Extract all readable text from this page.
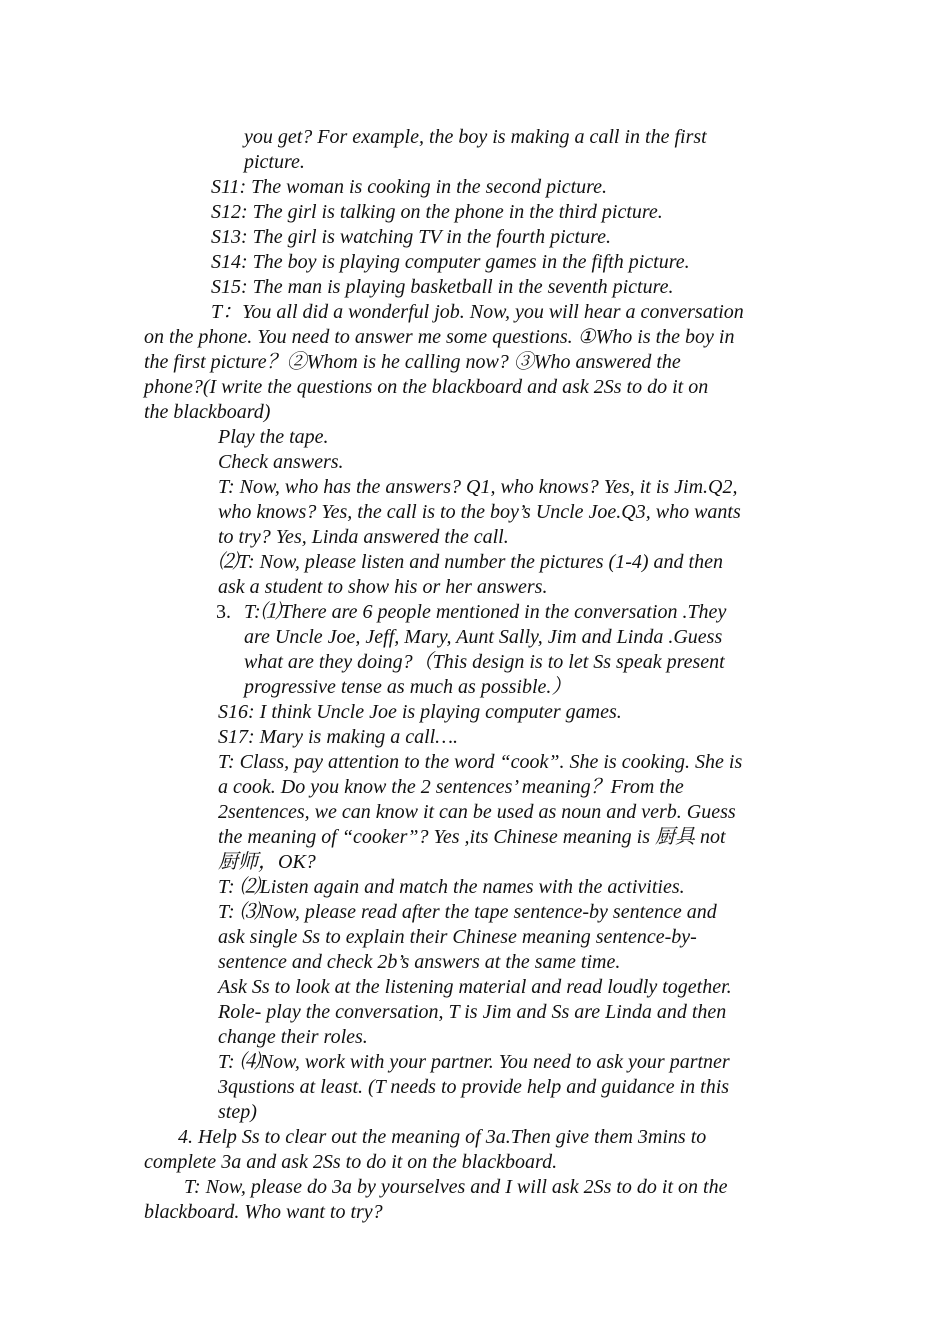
you get? For example, the boy is making a call in the first
picture.
S11: The woman is cooking in the second picture.
S12: The girl is talking on the phone in the third picture.
S13: The girl is watching TV in the fourth picture.
S14: The boy is playing computer games in the fifth picture.
S15: The man is playing basketball in the seventh picture.
T：You all did a wonderful job. Now, you will hear a conversation
on the phone. You need to answer me some questions. ①Who is the boy in
the first picture？②Whom is he calling now? ③Who answered the
phone?(I write the questions on the blackboard and ask 2Ss to do it on
the blackboard)
Play the tape.
Check answers.
T: Now, who has the answers? Q1, who knows? Yes, it is Jim.Q2,
who knows? Yes, the call is to the boy’s Uncle Joe.Q3, who wants
to try? Yes, Linda answered the call.
⑵T: Now, please listen and number the pictures (1-4) and then
ask a student to show his or her answers.
3. T:⑴There are 6 people mentioned in the conversation .They
are Uncle Joe, Jeff, Mary, Aunt Sally, Jim and Linda .Guess
what are they doing?（This design is to let Ss speak present
progressive tense as much as possible.）
S16: I think Uncle Joe is playing computer games.
S17: Mary is making a call….
T: Class, pay attention to the word “cook”. She is cooking. She is
a cook. Do you know the 2 sentences’ meaning？From the
2sentences, we can know it can be used as noun and verb. Guess
the meaning of “cooker”? Yes ,its Chinese meaning is 厨具 not
厨师，OK?
T: ⑵Listen again and match the names with the activities.
T: ⑶Now, please read after the tape sentence-by sentence and
ask single Ss to explain their Chinese meaning sentence-by-
sentence and check 2b’s answers at the same time.
Ask Ss to look at the listening material and read loudly together.
Role- play the conversation, T is Jim and Ss are Linda and then
change their roles.
T: ⑷Now, work with your partner. You need to ask your partner
3qustions at least. (T needs to provide help and guidance in this
step)
4. Help Ss to clear out the meaning of 3a.Then give them 3mins to
complete 3a and ask 2Ss to do it on the blackboard.
T: Now, please do 3a by yourselves and I will ask 2Ss to do it on the
blackboard. Who want to try?
